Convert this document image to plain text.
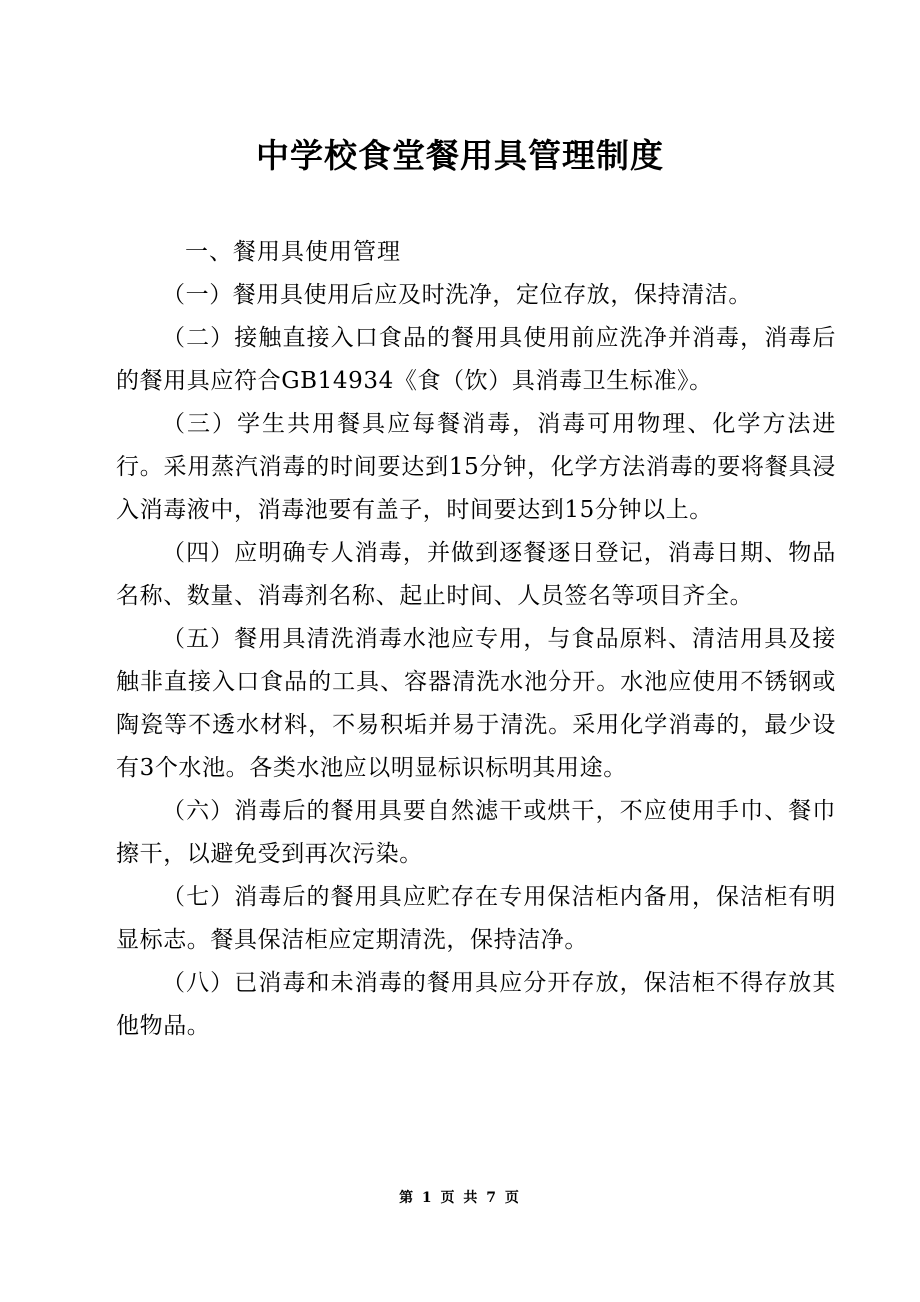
中学校食堂餐用具管理制度

一、餐用具使用管理

（一）餐用具使用后应及时洗净，定位存放，保持清洁。

（二）接触直接入口食品的餐用具使用前应洗净并消毒，消毒后的餐用具应符合GB14934《食（饮）具消毒卫生标准》。

（三）学生共用餐具应每餐消毒，消毒可用物理、化学方法进行。采用蒸汽消毒的时间要达到15分钟，化学方法消毒的要将餐具浸入消毒液中，消毒池要有盖子，时间要达到15分钟以上。

（四）应明确专人消毒，并做到逐餐逐日登记，消毒日期、物品名称、数量、消毒剂名称、起止时间、人员签名等项目齐全。

（五）餐用具清洗消毒水池应专用，与食品原料、清洁用具及接触非直接入口食品的工具、容器清洗水池分开。水池应使用不锈钢或陶瓷等不透水材料，不易积垢并易于清洗。采用化学消毒的，最少设有3个水池。各类水池应以明显标识标明其用途。

（六）消毒后的餐用具要自然滤干或烘干，不应使用手巾、餐巾擦干，以避免受到再次污染。

（七）消毒后的餐用具应贮存在专用保洁柜内备用，保洁柜有明显标志。餐具保洁柜应定期清洗，保持洁净。

（八）已消毒和未消毒的餐用具应分开存放，保洁柜不得存放其他物品。

第 1 页 共 7 页
